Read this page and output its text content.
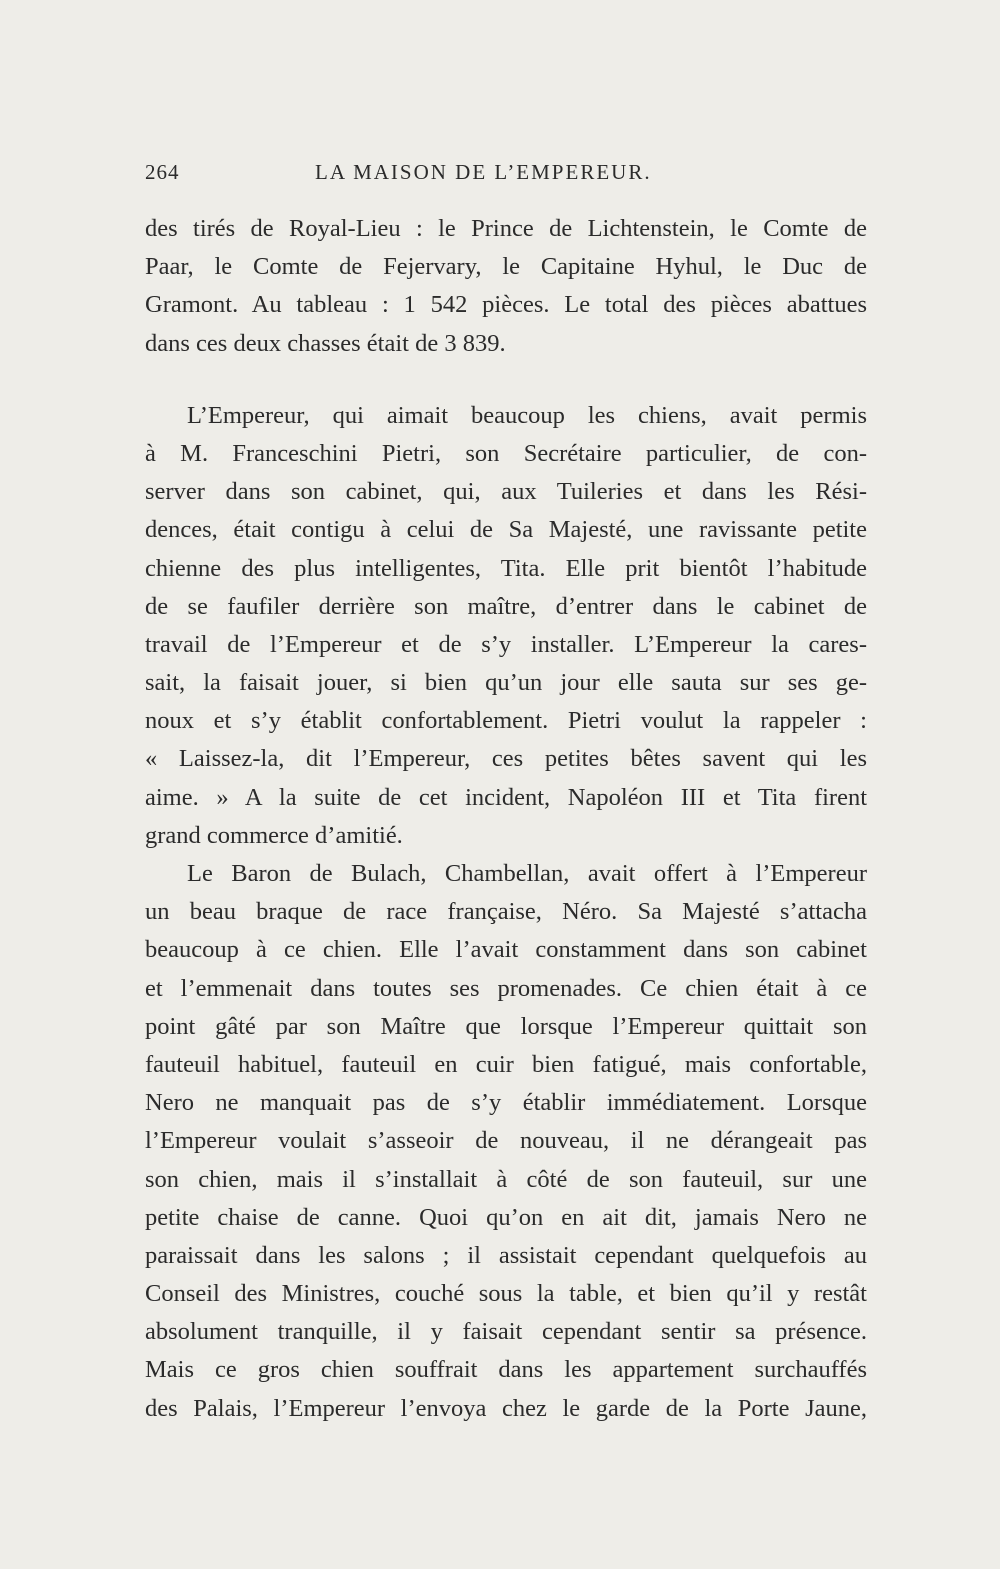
264	LA MAISON DE L’EMPEREUR.
des tirés de Royal-Lieu : le Prince de Lichtenstein, le Comte de
Paar, le Comte de Fejervary, le Capitaine Hyhul, le Duc de
Gramont. Au tableau : 1 542 pièces. Le total des pièces abattues
dans ces deux chasses était de 3 839.
L’Empereur, qui aimait beaucoup les chiens, avait permis
à M. Franceschini Pietri, son Secrétaire particulier, de con-
server dans son cabinet, qui, aux Tuileries et dans les Rési-
dences, était contigu à celui de Sa Majesté, une ravissante petite
chienne des plus intelligentes, Tita. Elle prit bientôt l’habitude
de se faufiler derrière son maître, d’entrer dans le cabinet de
travail de l’Empereur et de s’y installer. L’Empereur la cares-
sait, la faisait jouer, si bien qu’un jour elle sauta sur ses ge-
noux et s’y établit confortablement. Pietri voulut la rappeler :
« Laissez-la, dit l’Empereur, ces petites bêtes savent qui les
aime. » A la suite de cet incident, Napoléon III et Tita firent
grand commerce d’amitié.
Le Baron de Bulach, Chambellan, avait offert à l’Empereur
un beau braque de race française, Néro. Sa Majesté s’attacha
beaucoup à ce chien. Elle l’avait constamment dans son cabinet
et l’emmenait dans toutes ses promenades. Ce chien était à ce
point gâté par son Maître que lorsque l’Empereur quittait son
fauteuil habituel, fauteuil en cuir bien fatigué, mais confortable,
Nero ne manquait pas de s’y établir immédiatement. Lorsque
l’Empereur voulait s’asseoir de nouveau, il ne dérangeait pas
son chien, mais il s’installait à côté de son fauteuil, sur une
petite chaise de canne. Quoi qu’on en ait dit, jamais Nero ne
paraissait dans les salons ; il assistait cependant quelquefois au
Conseil des Ministres, couché sous la table, et bien qu’il y restât
absolument tranquille, il y faisait cependant sentir sa présence.
Mais ce gros chien souffrait dans les appartement surchauffés
des Palais, l’Empereur l’envoya chez le garde de la Porte Jaune,
